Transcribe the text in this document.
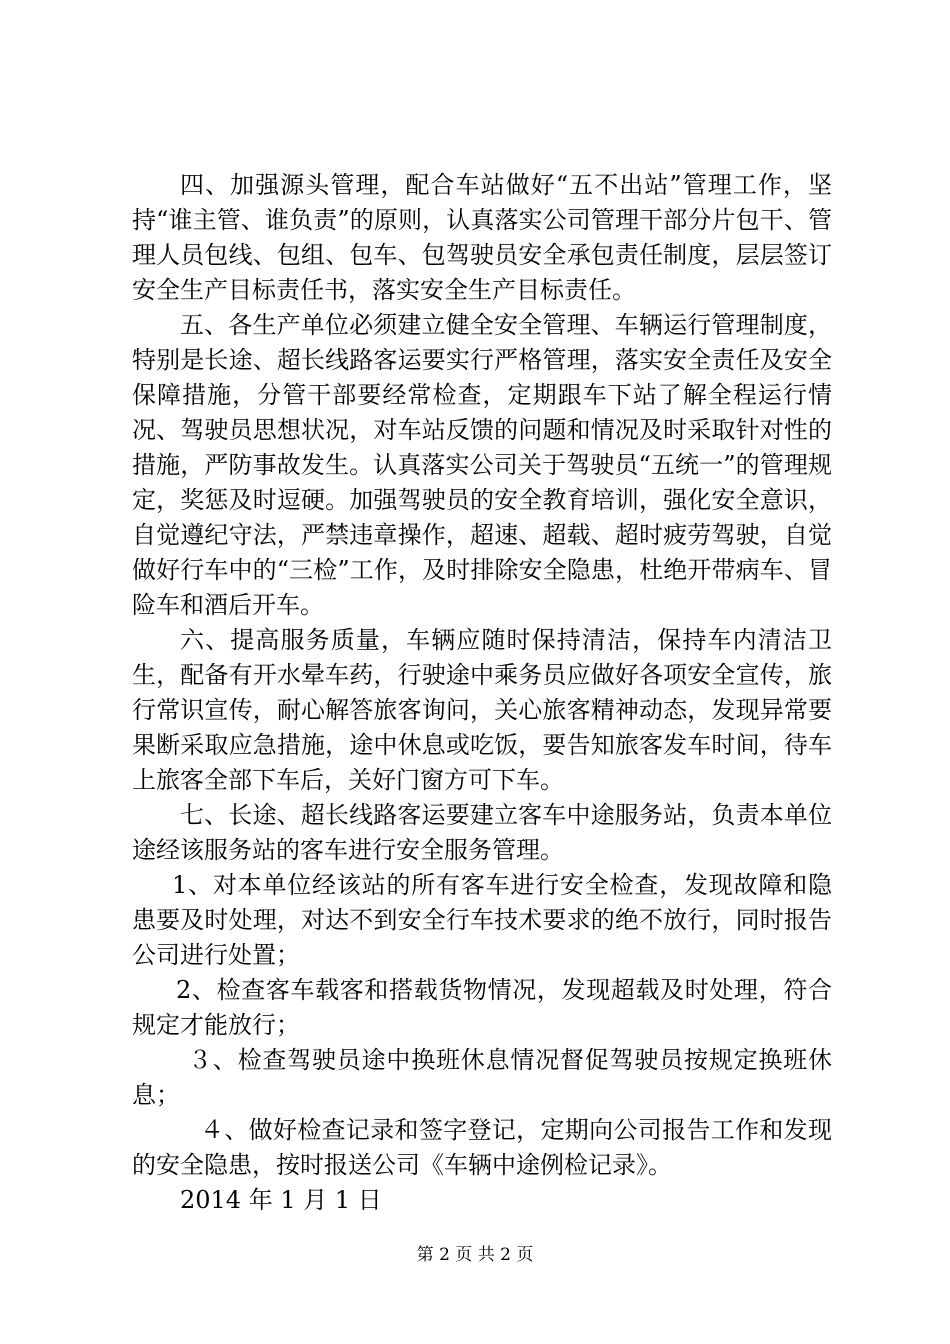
四、加强源头管理，配合车站做好“五不出站”管理工作，坚持“谁主管、谁负责”的原则，认真落实公司管理干部分片包干、管理人员包线、包组、包车、包驾驶员安全承包责任制度，层层签订安全生产目标责任书，落实安全生产目标责任。

五、各生产单位必须建立健全安全管理、车辆运行管理制度，特别是长途、超长线路客运要实行严格管理，落实安全责任及安全保障措施，分管干部要经常检查，定期跟车下站了解全程运行情况、驾驶员思想状况，对车站反馈的问题和情况及时采取针对性的措施，严防事故发生。认真落实公司关于驾驶员“五统一”的管理规定，奖惩及时逗硬。加强驾驶员的安全教育培训，强化安全意识，自觉遵纪守法，严禁违章操作，超速、超载、超时疲劳驾驶，自觉做好行车中的“三检”工作，及时排除安全隐患，杜绝开带病车、冒险车和酒后开车。

六、提高服务质量，车辆应随时保持清洁，保持车内清洁卫生，配备有开水晕车药，行驶途中乘务员应做好各项安全宣传，旅行常识宣传，耐心解答旅客询问，关心旅客精神动态，发现异常要果断采取应急措施，途中休息或吃饭，要告知旅客发车时间，待车上旅客全部下车后，关好门窗方可下车。

七、长途、超长线路客运要建立客车中途服务站，负责本单位途经该服务站的客车进行安全服务管理。

1、对本单位经该站的所有客车进行安全检查，发现故障和隐患要及时处理，对达不到安全行车技术要求的绝不放行，同时报告公司进行处置；

2、检查客车载客和搭载货物情况，发现超载及时处理，符合规定才能放行；

３、检查驾驶员途中换班休息情况督促驾驶员按规定换班休息；

４、做好检查记录和签字登记，定期向公司报告工作和发现的安全隐患，按时报送公司《车辆中途例检记录》。

2014 年 1 月 1 日

第 2 页 共 2 页
